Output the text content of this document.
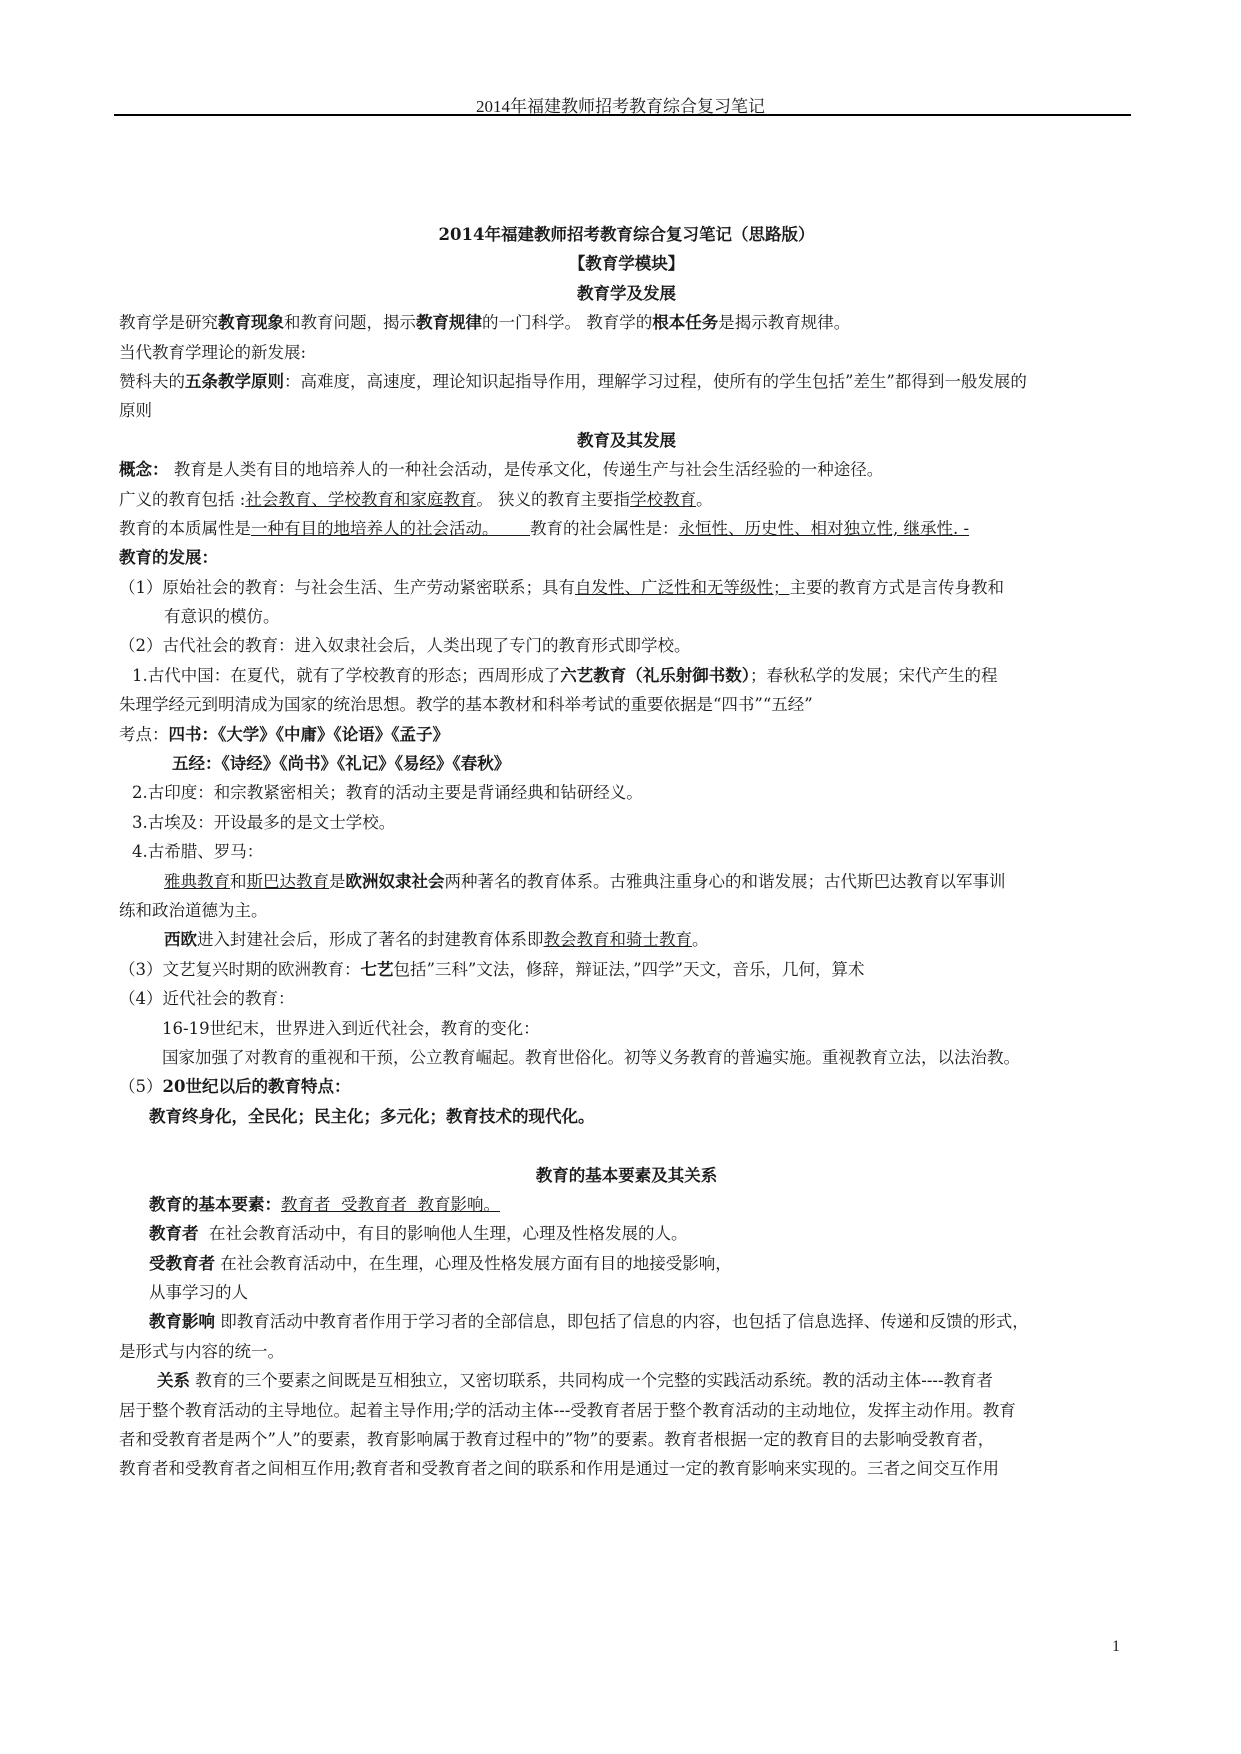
2014年福建教师招考教育综合复习笔记
2014年福建教师招考教育综合复习笔记（思路版）
【教育学模块】
教育学及发展
教育学是研究教育现象和教育问题，揭示教育规律的一门科学。 教育学的根本任务是揭示教育规律。
当代教育学理论的新发展:
赞科夫的五条教学原则：高难度，高速度，理论知识起指导作用，理解学习过程，使所有的学生包括”差生”都得到一般发展的
原则
教育及其发展
概念： 教育是人类有目的地培养人的一种社会活动，是传承文化，传递生产与社会生活经验的一种途径。
广义的教育包括 :社会教育、学校教育和家庭教育。 狭义的教育主要指学校教育。
教育的本质属性是一种有目的地培养人的社会活动。      教育的社会属性是：永恒性、历史性、相对独立性, 继承性. -
教育的发展：
（1）原始社会的教育：与社会生活、生产劳动紧密联系；具有自发性、广泛性和无等级性；主要的教育方式是言传身教和
有意识的模仿。
（2）古代社会的教育：进入奴隶社会后，人类出现了专门的教育形式即学校。
1.古代中国：在夏代，就有了学校教育的形态；西周形成了六艺教育（礼乐射御书数）；春秋私学的发展；宋代产生的程
朱理学经元到明清成为国家的统治思想。教学的基本教材和科举考试的重要依据是“四书”“五经”
考点：四书：《大学》《中庸》《论语》《孟子》
五经：《诗经》《尚书》《礼记》《易经》《春秋》
2.古印度：和宗教紧密相关；教育的活动主要是背诵经典和钻研经义。
3.古埃及：开设最多的是文士学校。
4.古希腊、罗马：
雅典教育和斯巴达教育是欧洲奴隶社会两种著名的教育体系。古雅典注重身心的和谐发展；古代斯巴达教育以军事训
练和政治道德为主。
西欧进入封建社会后，形成了著名的封建教育体系即教会教育和骑士教育。
（3）文艺复兴时期的欧洲教育：七艺包括”三科”文法，修辞，辩证法，”四学”天文，音乐，几何，算术
（4）近代社会的教育：
16-19世纪末，世界进入到近代社会，教育的变化：
国家加强了对教育的重视和干预，公立教育崛起。教育世俗化。初等义务教育的普遍实施。重视教育立法，以法治教。
（5）20世纪以后的教育特点：
教育终身化，全民化；民主化；多元化；教育技术的现代化。
教育的基本要素及其关系
教育的基本要素：教育者  受教育者  教育影响。
教育者  在社会教育活动中，有目的影响他人生理，心理及性格发展的人。
受教育者 在社会教育活动中，在生理，心理及性格发展方面有目的地接受影响，
从事学习的人
教育影响 即教育活动中教育者作用于学习者的全部信息，即包括了信息的内容，也包括了信息选择、传递和反馈的形式，
是形式与内容的统一。
关系 教育的三个要素之间既是互相独立，又密切联系，共同构成一个完整的实践活动系统。教的活动主体----教育者
居于整个教育活动的主导地位。起着主导作用;学的活动主体---受教育者居于整个教育活动的主动地位，发挥主动作用。教育
者和受教育者是两个”人”的要素，教育影响属于教育过程中的”物”的要素。教育者根据一定的教育目的去影响受教育者，
教育者和受教育者之间相互作用;教育者和受教育者之间的联系和作用是通过一定的教育影响来实现的。三者之间交互作用
1
